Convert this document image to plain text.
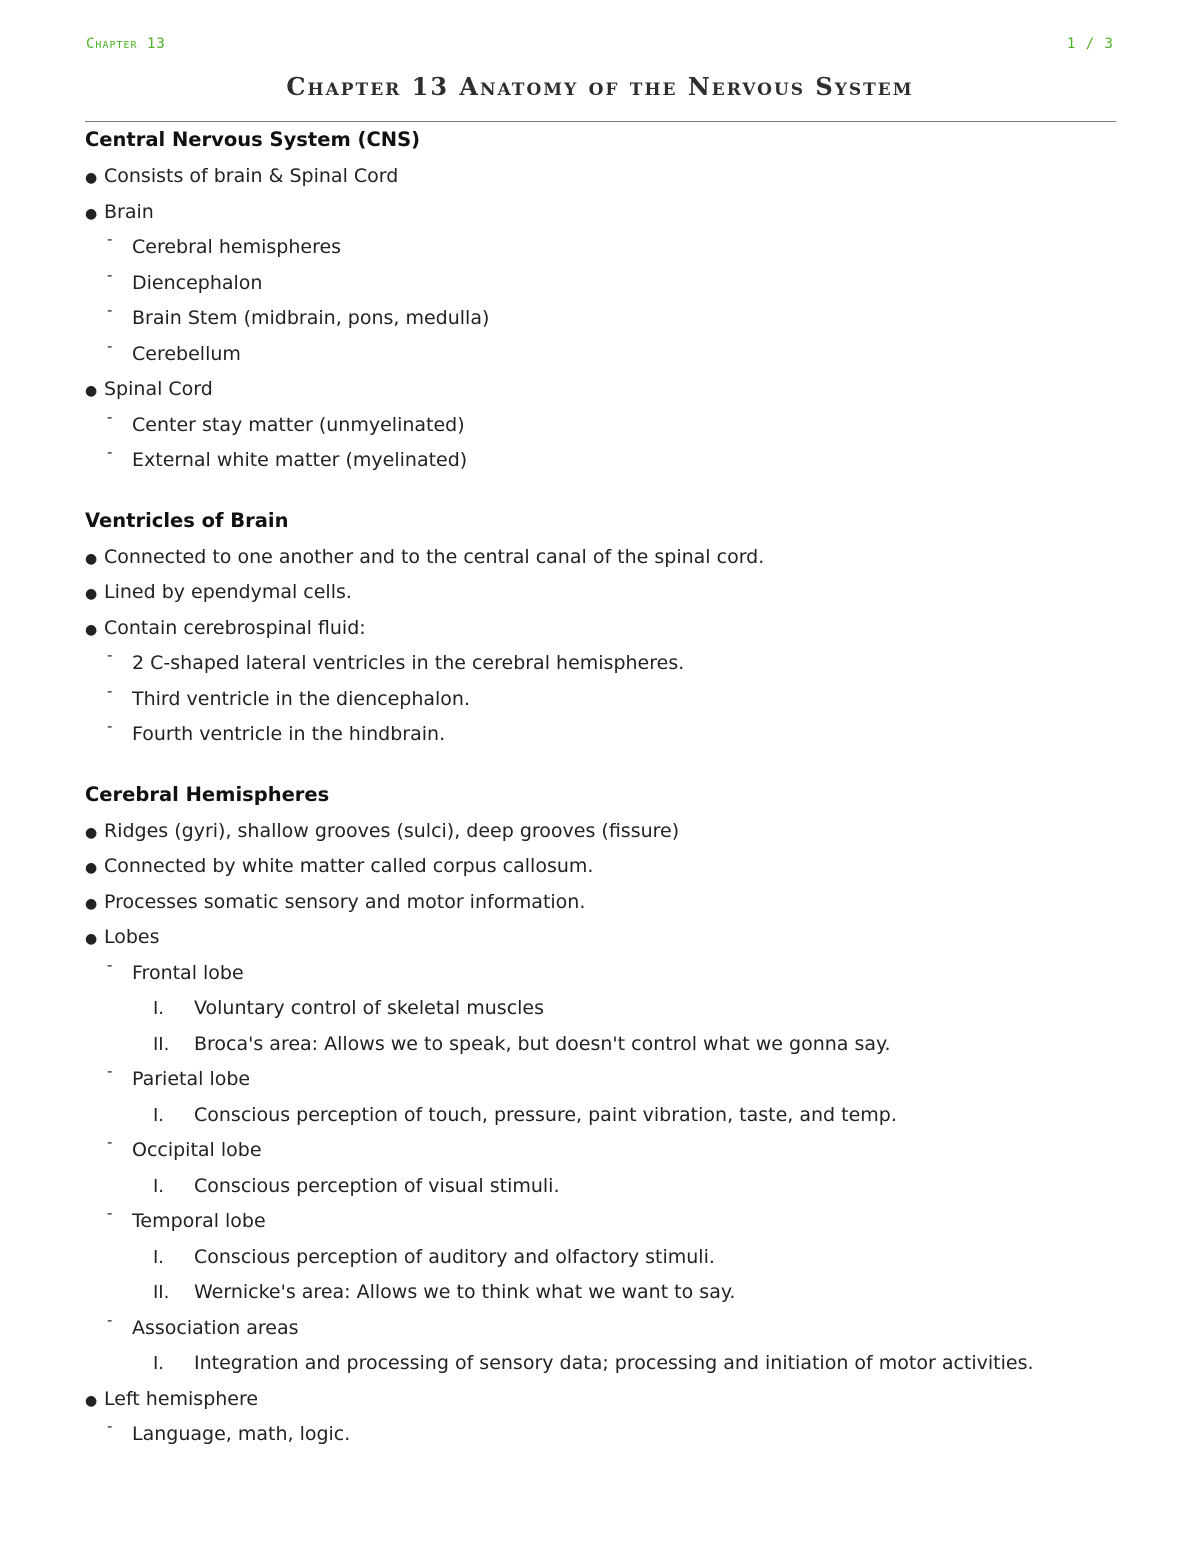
Chapter 13	1 / 3
Chapter 13 Anatomy of the Nervous System
Central Nervous System (CNS)
● Consists of brain & Spinal Cord
● Brain
- Cerebral hemispheres
- Diencephalon
- Brain Stem (midbrain, pons, medulla)
- Cerebellum
● Spinal Cord
- Center stay matter (unmyelinated)
- External white matter (myelinated)
Ventricles of Brain
● Connected to one another and to the central canal of the spinal cord.
● Lined by ependymal cells.
● Contain cerebrospinal fluid:
- 2 C-shaped lateral ventricles in the cerebral hemispheres.
- Third ventricle in the diencephalon.
- Fourth ventricle in the hindbrain.
Cerebral Hemispheres
● Ridges (gyri), shallow grooves (sulci), deep grooves (fissure)
● Connected by white matter called corpus callosum.
● Processes somatic sensory and motor information.
● Lobes
- Frontal lobe
I. Voluntary control of skeletal muscles
II. Broca's area: Allows we to speak, but doesn't control what we gonna say.
- Parietal lobe
I. Conscious perception of touch, pressure, paint vibration, taste, and temp.
- Occipital lobe
I. Conscious perception of visual stimuli.
- Temporal lobe
I. Conscious perception of auditory and olfactory stimuli.
II. Wernicke's area: Allows we to think what we want to say.
- Association areas
I. Integration and processing of sensory data; processing and initiation of motor activities.
● Left hemisphere
- Language, math, logic.
